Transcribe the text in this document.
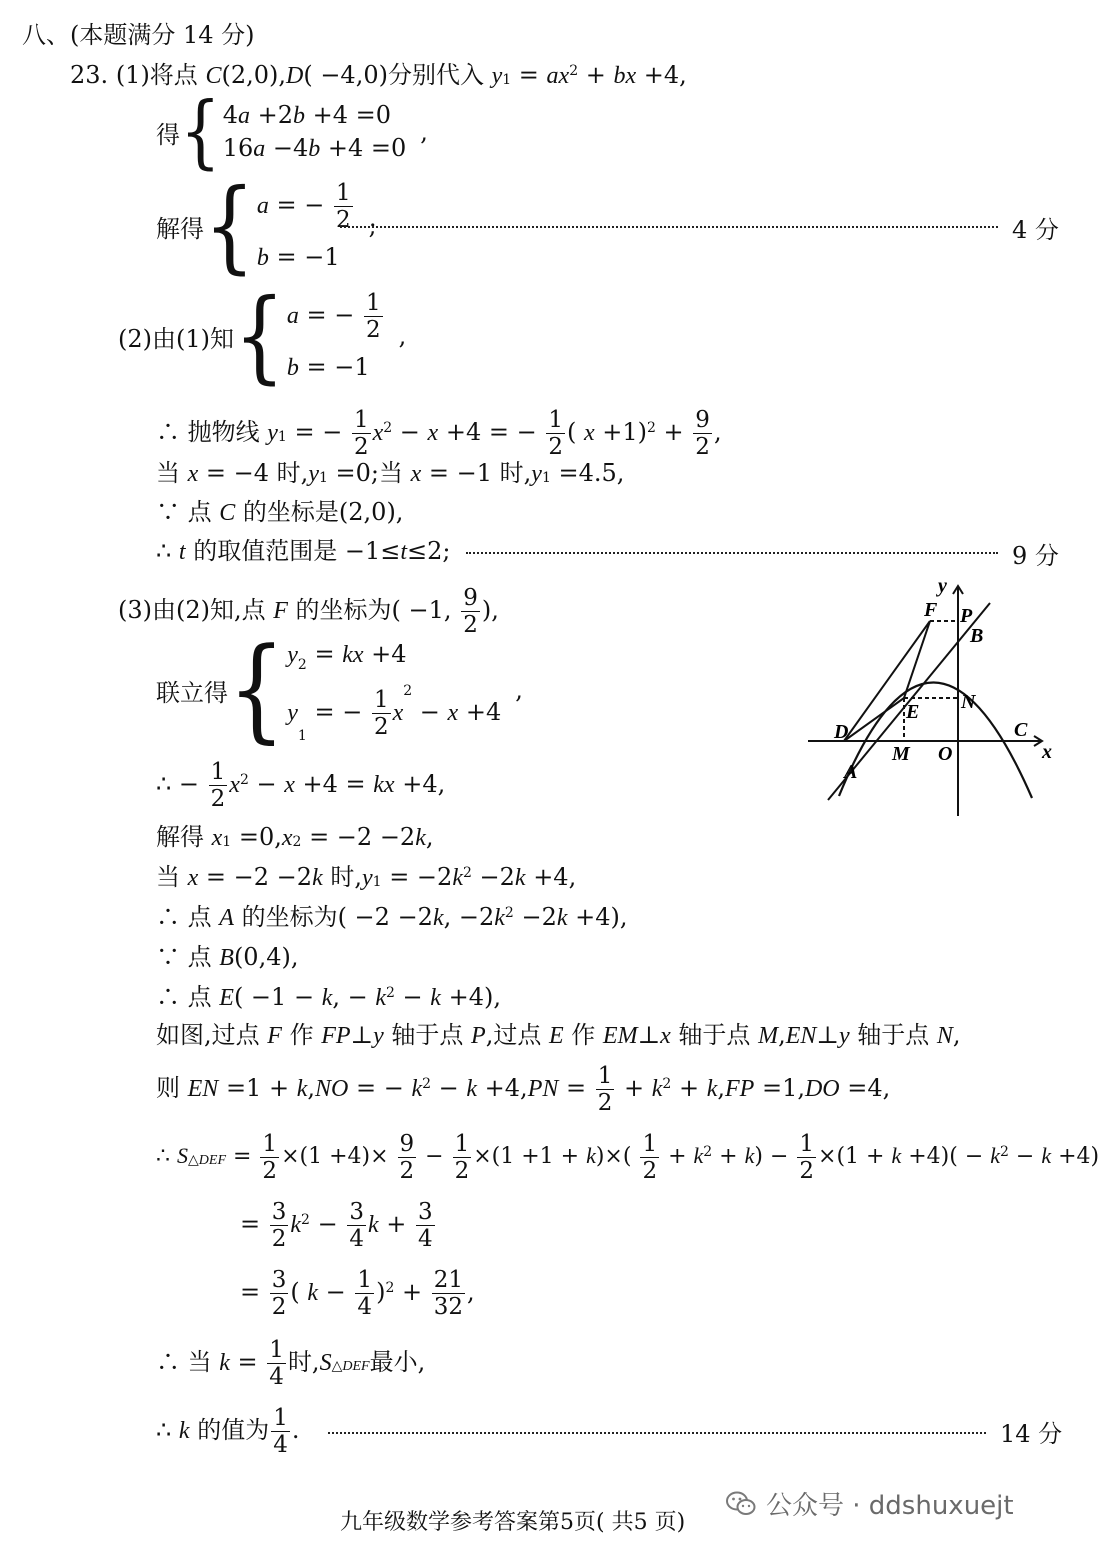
八、(本题满分 14 分)
23. (1)将点 C(2,0),D( −4,0)分别代入 $y_1 = ax^2$ + bx +4,
得 { 4a +2b +4 =0
16a −4b +4 =0
,
解得 { a = − $\frac{1}{2}$
b = −1
;	4 分
(2)由(1)知 { a = − $\frac{1}{2}$
b = −1
,
∴ 抛物线 $y_1$ = − $\frac{1}{2} x^2 - x +4$ = − $\frac{1}{2}$ ( $x +1)^2 + \frac{9}{2}$ ,
当 x = −4 时$,y_1 =0$;当 x = −1 时$,y_1 =4.5$,
∵ 点 C 的坐标是(2,0),
∴ t 的取值范围是 −1≤t≤2;	9 分
(3)由(2)知,点 F 的坐标为( −1, $\frac{9}{2}$ ),
联立得 { $y_2$ = kx +4
$y_1$ = − $\frac{1}{2} x^2 - x +4$
,
∴ − $\frac{1}{2} x^2 - x +4$ = kx +4,
解得 $x_1 =0,x_2 = -2 -2k$,
当 x = −2 −2k 时$,y_1 = -2k^2 -2k +4$,
∴ 点 A 的坐标为( −2 −2k, $-2k^2 -2k +4$),
∵ 点 B(0,4),
∴ 点 E( −1 − k, − $k^2 - k +4$),
如图,过点 F 作 FP⊥y 轴于点 P,过点 E 作 EM⊥x 轴于点 M,EN⊥y 轴于点 N,
则 EN =1 + k,NO = − $k^2 - k +4,PN = \frac{1}{2} + k^2 + k,FP =1,DO =4$,
∴ $S_{\triangle DEF} = \frac{1}{2} \times(1 +4)\times \frac{9}{2} - \frac{1}{2} \times(1 +1 + k)\times( \frac{1}{2} + k^2 + k) - \frac{1}{2} \times(1 + k +4)( - k^2 - k +4)$
= $\frac{3}{2} k^2 - \frac{3}{4}$ $k + \frac{3}{4}$
= $\frac{3}{2}$ ( $k - \frac{1}{4} )^2 + \frac{21}{32}$ ,
∴ 当 $k = \frac{1}{4}$ 时$,S_{\triangle DEF}$最小,
∴ k 的值为 $\frac{1}{4}$ .	14 分
y
F P
B
N
E
D
M O
C
x
A
九年级数学参考答案第5页( 共5 页)
公众号 · ddshuxuejt
